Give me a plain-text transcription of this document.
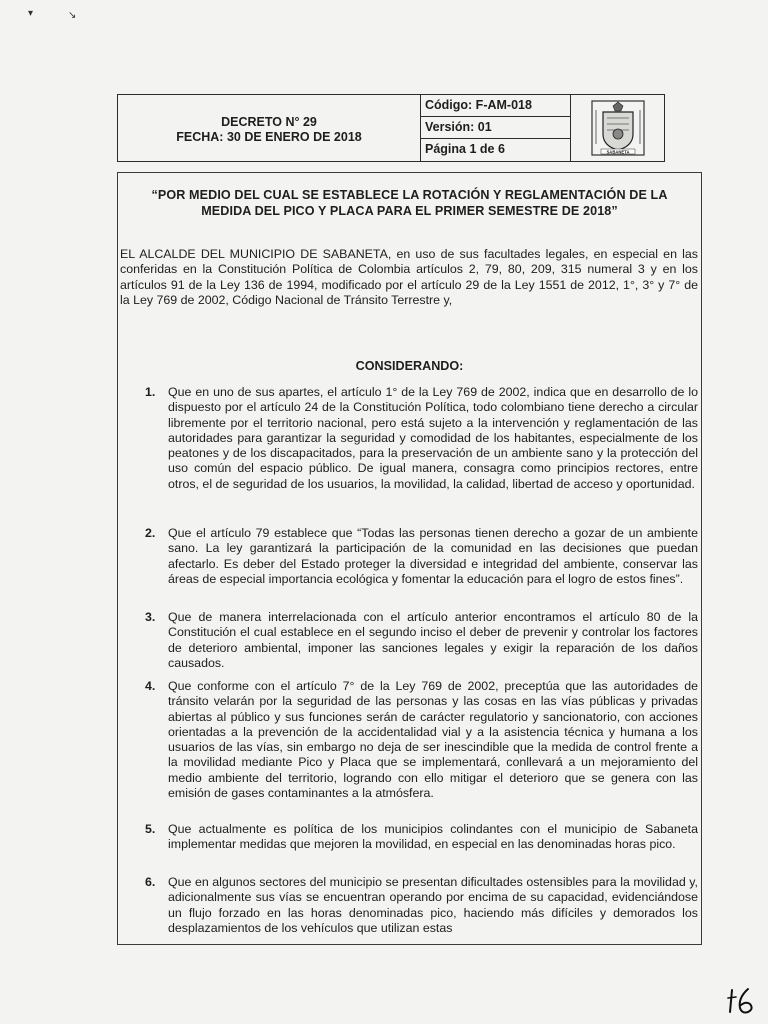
▾	↘
DECRETO N° 29
FECHA: 30 DE ENERO DE 2018
Código: F-AM-018
Versión: 01
Página 1 de 6	SABANETA
“POR MEDIO DEL CUAL SE ESTABLECE LA ROTACIÓN Y REGLAMENTACIÓN DE LA
MEDIDA DEL PICO Y PLACA PARA EL PRIMER SEMESTRE DE 2018”
EL ALCALDE DEL MUNICIPIO DE SABANETA, en uso de sus facultades legales, en especial en las conferidas en la Constitución Política de Colombia artículos 2, 79, 80, 209, 315 numeral 3 y en los artículos 91 de la Ley 136 de 1994, modificado por el artículo 29 de la Ley 1551 de 2012, 1°, 3° y 7° de la Ley 769 de 2002, Código Nacional de Tránsito Terrestre y,
CONSIDERANDO:
1. Que en uno de sus apartes, el artículo 1° de la Ley 769 de 2002, indica que en desarrollo de lo dispuesto por el artículo 24 de la Constitución Política, todo colombiano tiene derecho a circular libremente por el territorio nacional, pero está sujeto a la intervención y reglamentación de las autoridades para garantizar la seguridad y comodidad de los habitantes, especialmente de los peatones y de los discapacitados, para la preservación de un ambiente sano y la protección del uso común del espacio público. De igual manera, consagra como principios rectores, entre otros, el de seguridad de los usuarios, la movilidad, la calidad, libertad de acceso y oportunidad.
2. Que el artículo 79 establece que “Todas las personas tienen derecho a gozar de un ambiente sano. La ley garantizará la participación de la comunidad en las decisiones que puedan afectarlo. Es deber del Estado proteger la diversidad e integridad del ambiente, conservar las áreas de especial importancia ecológica y fomentar la educación para el logro de estos fines”.
3. Que de manera interrelacionada con el artículo anterior encontramos el artículo 80 de la Constitución el cual establece en el segundo inciso el deber de prevenir y controlar los factores de deterioro ambiental, imponer las sanciones legales y exigir la reparación de los daños causados.
4. Que conforme con el artículo 7° de la Ley 769 de 2002, preceptúa que las autoridades de tránsito velarán por la seguridad de las personas y las cosas en las vías públicas y privadas abiertas al público y sus funciones serán de carácter regulatorio y sancionatorio, con acciones orientadas a la prevención de la accidentalidad vial y a la asistencia técnica y humana a los usuarios de las vías, sin embargo no deja de ser inescindible que la medida de control frente a la movilidad mediante Pico y Placa que se implementará, conllevará a un mejoramiento del medio ambiente del territorio, logrando con ello mitigar el deterioro que se genera con las emisión de gases contaminantes a la atmósfera.
5. Que actualmente es política de los municipios colindantes con el municipio de Sabaneta implementar medidas que mejoren la movilidad, en especial en las denominadas horas pico.
6. Que en algunos sectores del municipio se presentan dificultades ostensibles para la movilidad y, adicionalmente sus vías se encuentran operando por encima de su capacidad, evidenciándose un flujo forzado en las horas denominadas pico, haciendo más difíciles y demorados los desplazamientos de los vehículos que utilizan estas
